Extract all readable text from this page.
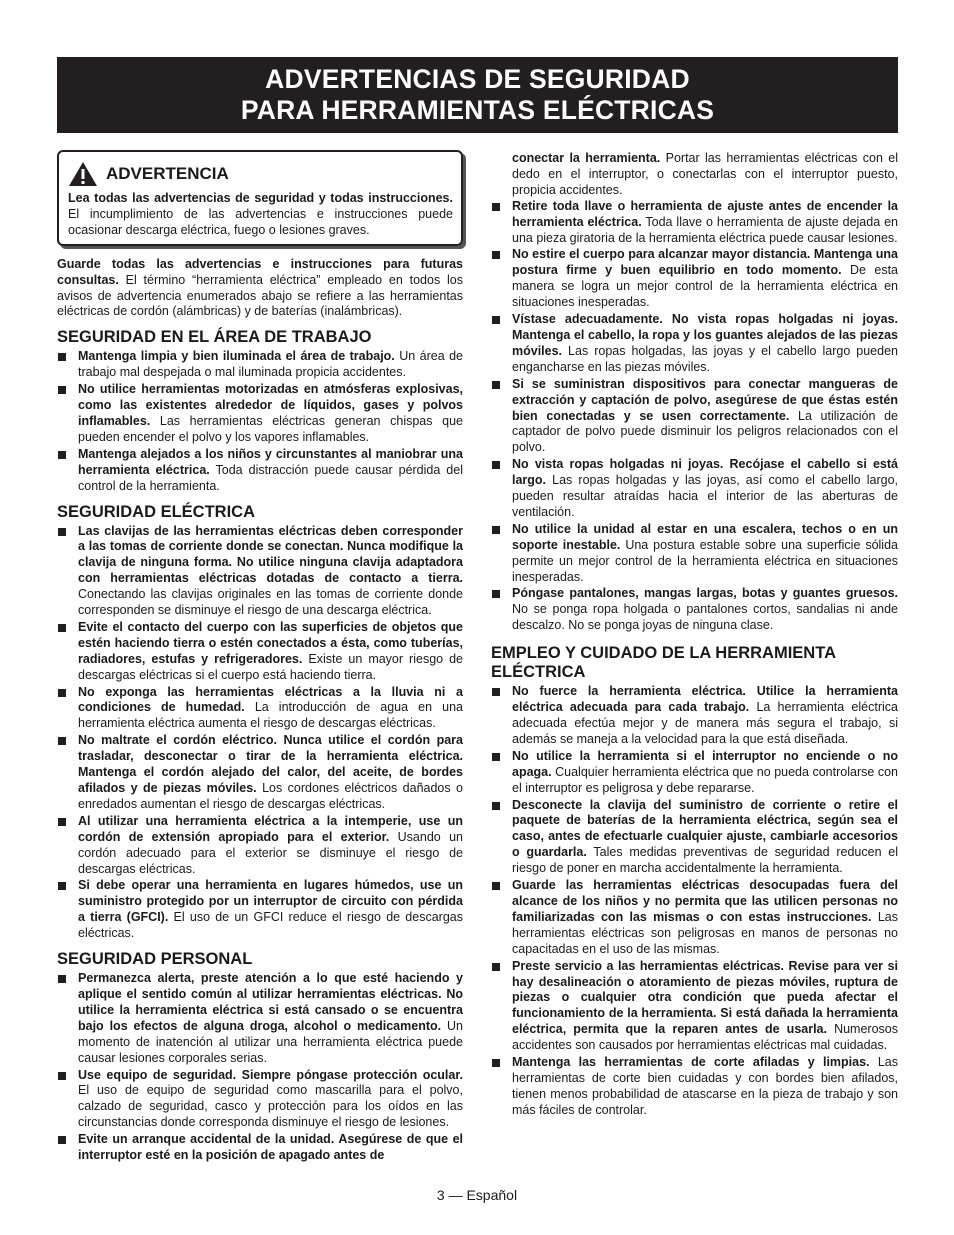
ADVERTENCIAS DE SEGURIDAD
PARA HERRAMIENTAS ELÉCTRICAS
ADVERTENCIA
Lea todas las advertencias de seguridad y todas instrucciones. El incumplimiento de las advertencias e instrucciones puede ocasionar descarga eléctrica, fuego o lesiones graves.

Guarde todas las advertencias e instrucciones para futuras consultas. El término “herramienta eléctrica” empleado en todos los avisos de advertencia enumerados abajo se refiere a las herramientas eléctricas de cordón (alámbricas) y de baterías (inalámbricas).

SEGURIDAD EN EL ÁREA DE TRABAJO
Mantenga limpia y bien iluminada el área de trabajo. Un área de trabajo mal despejada o mal iluminada propicia accidentes.
No utilice herramientas motorizadas en atmósferas explosivas, como las existentes alrededor de líquidos, gases y polvos inflamables. Las herramientas eléctricas generan chispas que pueden encender el polvo y los vapores inflamables.
Mantenga alejados a los niños y circunstantes al maniobrar una herramienta eléctrica. Toda distracción puede causar pérdida del control de la herramienta.
SEGURIDAD ELÉCTRICA
Las clavijas de las herramientas eléctricas deben corresponder a las tomas de corriente donde se conectan. Nunca modifique la clavija de ninguna forma. No utilice ninguna clavija adaptadora con herramientas eléctricas dotadas de contacto a tierra. Conectando las clavijas originales en las tomas de corriente donde corresponden se disminuye el riesgo de una descarga eléctrica.
Evite el contacto del cuerpo con las superficies de objetos que estén haciendo tierra o estén conectados a ésta, como tuberías, radiadores, estufas y refrigeradores. Existe un mayor riesgo de descargas eléctricas si el cuerpo está haciendo tierra.
No exponga las herramientas eléctricas a la lluvia ni a condiciones de humedad. La introducción de agua en una herramienta eléctrica aumenta el riesgo de descargas eléctricas.
No maltrate el cordón eléctrico. Nunca utilice el cordón para trasladar, desconectar o tirar de la herramienta eléctrica. Mantenga el cordón alejado del calor, del aceite, de bordes afilados y de piezas móviles. Los cordones eléctricos dañados o enredados aumentan el riesgo de descargas eléctricas.
Al utilizar una herramienta eléctrica a la intemperie, use un cordón de extensión apropiado para el exterior. Usando un cordón adecuado para el exterior se disminuye el riesgo de descargas eléctricas.
Si debe operar una herramienta en lugares húmedos, use un suministro protegido por un interruptor de circuito con pérdida a tierra (GFCI). El uso de un GFCI reduce el riesgo de descargas eléctricas.
SEGURIDAD PERSONAL
Permanezca alerta, preste atención a lo que esté haciendo y aplique el sentido común al utilizar herramientas eléctricas. No utilice la herramienta eléctrica si está cansado o se encuentra bajo los efectos de alguna droga, alcohol o medicamento. Un momento de inatención al utilizar una herramienta eléctrica puede causar lesiones corporales serias.
Use equipo de seguridad. Siempre póngase protección ocular. El uso de equipo de seguridad como mascarilla para el polvo, calzado de seguridad, casco y protección para los oídos en las circunstancias donde corresponda disminuye el riesgo de lesiones.
Evite un arranque accidental de la unidad. Asegúrese de que el interruptor esté en la posición de apagado antes de

conectar la herramienta. Portar las herramientas eléctricas con el dedo en el interruptor, o conectarlas con el interruptor puesto, propicia accidentes.

Retire toda llave o herramienta de ajuste antes de encender la herramienta eléctrica. Toda llave o herramienta de ajuste dejada en una pieza giratoria de la herramienta eléctrica puede causar lesiones.
No estire el cuerpo para alcanzar mayor distancia. Mantenga una postura firme y buen equilibrio en todo momento. De esta manera se logra un mejor control de la herramienta eléctrica en situaciones inesperadas.
Vístase adecuadamente. No vista ropas holgadas ni joyas. Mantenga el cabello, la ropa y los guantes alejados de las piezas móviles. Las ropas holgadas, las joyas y el cabello largo pueden engancharse en las piezas móviles.
Si se suministran dispositivos para conectar mangueras de extracción y captación de polvo, asegúrese de que éstas estén bien conectadas y se usen correctamente. La utilización de captador de polvo puede disminuir los peligros relacionados con el polvo.
No vista ropas holgadas ni joyas. Recójase el cabello si está largo. Las ropas holgadas y las joyas, así como el cabello largo, pueden resultar atraídas hacia el interior de las aberturas de ventilación.
No utilice la unidad al estar en una escalera, techos o en un soporte inestable. Una postura estable sobre una superficie sólida permite un mejor control de la herramienta eléctrica en situaciones inesperadas.
Póngase pantalones, mangas largas, botas y guantes gruesos. No se ponga ropa holgada o pantalones cortos, sandalias ni ande descalzo. No se ponga joyas de ninguna clase.
EMPLEO Y CUIDADO DE LA HERRAMIENTA ELÉCTRICA
No fuerce la herramienta eléctrica. Utilice la herramienta eléctrica adecuada para cada trabajo. La herramienta eléctrica adecuada efectúa mejor y de manera más segura el trabajo, si además se maneja a la velocidad para la que está diseñada.
No utilice la herramienta si el interruptor no enciende o no apaga. Cualquier herramienta eléctrica que no pueda controlarse con el interruptor es peligrosa y debe repararse.
Desconecte la clavija del suministro de corriente o retire el paquete de baterías de la herramienta eléctrica, según sea el caso, antes de efectuarle cualquier ajuste, cambiarle accesorios o guardarla. Tales medidas preventivas de seguridad reducen el riesgo de poner en marcha accidentalmente la herramienta.
Guarde las herramientas eléctricas desocupadas fuera del alcance de los niños y no permita que las utilicen personas no familiarizadas con las mismas o con estas instrucciones. Las herramientas eléctricas son peligrosas en manos de personas no capacitadas en el uso de las mismas.
Preste servicio a las herramientas eléctricas. Revise para ver si hay desalineación o atoramiento de piezas móviles, ruptura de piezas o cualquier otra condición que pueda afectar el funcionamiento de la herramienta. Si está dañada la herramienta eléctrica, permita que la reparen antes de usarla. Numerosos accidentes son causados por herramientas eléctricas mal cuidadas.
Mantenga las herramientas de corte afiladas y limpias. Las herramientas de corte bien cuidadas y con bordes bien afilados, tienen menos probabilidad de atascarse en la pieza de trabajo y son más fáciles de controlar.
3 — Español
